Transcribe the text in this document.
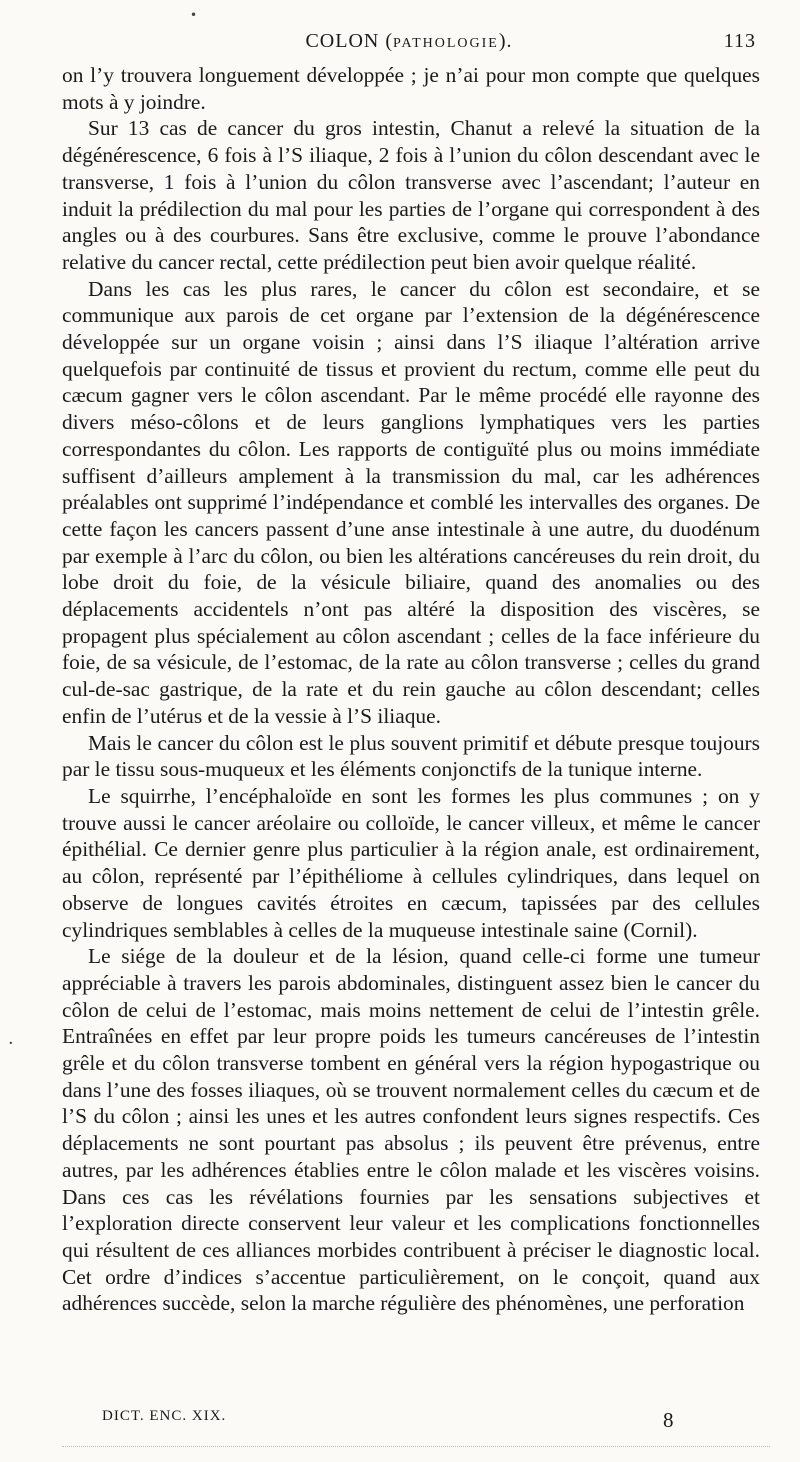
•
COLON (PATHOLOGIE).	113

on l’y trouvera longuement développée ; je n’ai pour mon compte que quelques mots à y joindre.

Sur 13 cas de cancer du gros intestin, Chanut a relevé la situation de la dégénérescence, 6 fois à l’S iliaque, 2 fois à l’union du côlon descendant avec le transverse, 1 fois à l’union du côlon transverse avec l’ascendant; l’auteur en induit la prédilection du mal pour les parties de l’organe qui correspondent à des angles ou à des courbures. Sans être exclusive, comme le prouve l’abondance relative du cancer rectal, cette prédilection peut bien avoir quelque réalité.

Dans les cas les plus rares, le cancer du côlon est secondaire, et se communique aux parois de cet organe par l’extension de la dégénérescence développée sur un organe voisin ; ainsi dans l’S iliaque l’altération arrive quelquefois par continuité de tissus et provient du rectum, comme elle peut du cæcum gagner vers le côlon ascendant. Par le même procédé elle rayonne des divers méso-côlons et de leurs ganglions lymphatiques vers les parties correspondantes du côlon. Les rapports de contiguïté plus ou moins immédiate suffisent d’ailleurs amplement à la transmission du mal, car les adhérences préalables ont supprimé l’indépendance et comblé les intervalles des organes. De cette façon les cancers passent d’une anse intestinale à une autre, du duodénum par exemple à l’arc du côlon, ou bien les altérations cancéreuses du rein droit, du lobe droit du foie, de la vésicule biliaire, quand des anomalies ou des déplacements accidentels n’ont pas altéré la disposition des viscères, se propagent plus spécialement au côlon ascendant ; celles de la face inférieure du foie, de sa vésicule, de l’estomac, de la rate au côlon transverse ; celles du grand cul-de-sac gastrique, de la rate et du rein gauche au côlon descendant; celles enfin de l’utérus et de la vessie à l’S iliaque.

Mais le cancer du côlon est le plus souvent primitif et débute presque toujours par le tissu sous-muqueux et les éléments conjonctifs de la tunique interne.

Le squirrhe, l’encéphaloïde en sont les formes les plus communes ; on y trouve aussi le cancer aréolaire ou colloïde, le cancer villeux, et même le cancer épithélial. Ce dernier genre plus particulier à la région anale, est ordinairement, au côlon, représenté par l’épithéliome à cellules cylindriques, dans lequel on observe de longues cavités étroites en cæcum, tapissées par des cellules cylindriques semblables à celles de la muqueuse intestinale saine (Cornil).

Le siége de la douleur et de la lésion, quand celle-ci forme une tumeur appréciable à travers les parois abdominales, distinguent assez bien le cancer du côlon de celui de l’estomac, mais moins nettement de celui de l’intestin grêle. Entraînées en effet par leur propre poids les tumeurs cancéreuses de l’intestin grêle et du côlon transverse tombent en général vers la région hypogastrique ou dans l’une des fosses iliaques, où se trouvent normalement celles du cæcum et de l’S du côlon ; ainsi les unes et les autres confondent leurs signes respectifs. Ces déplacements ne sont pourtant pas absolus ; ils peuvent être prévenus, entre autres, par les adhérences établies entre le côlon malade et les viscères voisins. Dans ces cas les révélations fournies par les sensations subjectives et l’exploration directe conservent leur valeur et les complications fonctionnelles qui résultent de ces alliances morbides contribuent à préciser le diagnostic local. Cet ordre d’indices s’accentue particulièrement, on le conçoit, quand aux adhérences succède, selon la marche régulière des phénomènes, une perforation

·
DICT. ENC. XIX.	8
